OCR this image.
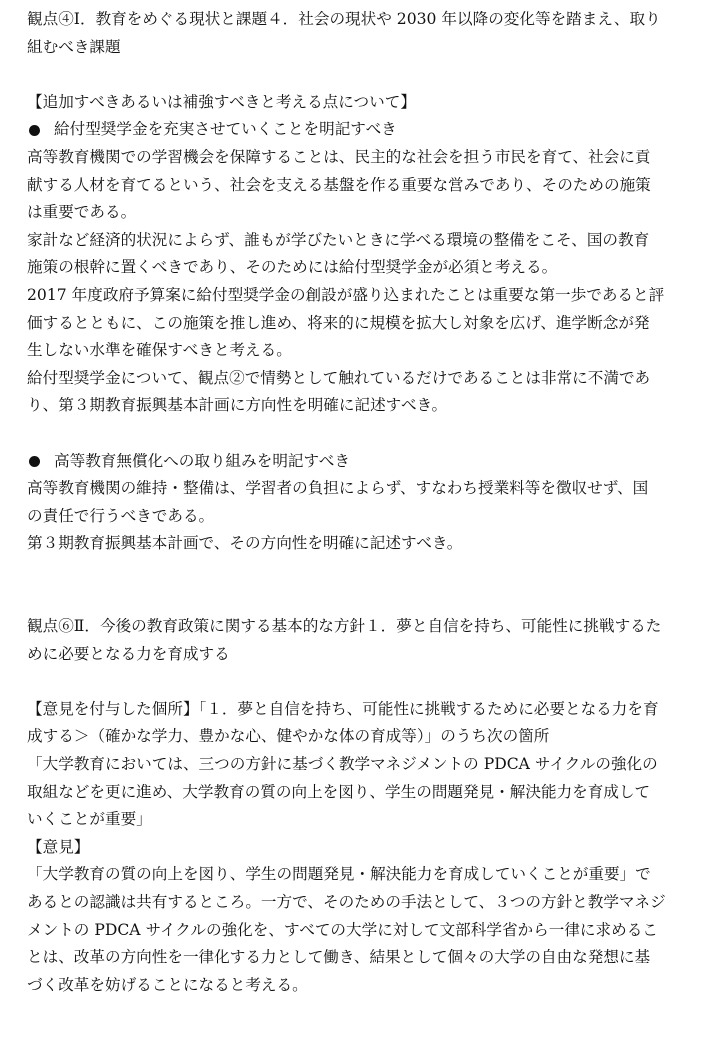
観点④Ⅰ．教育をめぐる現状と課題４．社会の現状や 2030 年以降の変化等を踏まえ、取り
組むべき課題
【追加すべきあるいは補強すべきと考える点について】
給付型奨学金を充実させていくことを明記すべき
高等教育機関での学習機会を保障することは、民主的な社会を担う市民を育て、社会に貢
献する人材を育てるという、社会を支える基盤を作る重要な営みであり、そのための施策
は重要である。
家計など経済的状況によらず、誰もが学びたいときに学べる環境の整備をこそ、国の教育
施策の根幹に置くべきであり、そのためには給付型奨学金が必須と考える。
2017 年度政府予算案に給付型奨学金の創設が盛り込まれたことは重要な第一歩であると評
価するとともに、この施策を推し進め、将来的に規模を拡大し対象を広げ、進学断念が発
生しない水準を確保すべきと考える。
給付型奨学金について、観点②で情勢として触れているだけであることは非常に不満であ
り、第３期教育振興基本計画に方向性を明確に記述すべき。
高等教育無償化への取り組みを明記すべき
高等教育機関の維持・整備は、学習者の負担によらず、すなわち授業料等を徴収せず、国
の責任で行うべきである。
第３期教育振興基本計画で、その方向性を明確に記述すべき。
観点⑥Ⅱ．今後の教育政策に関する基本的な方針１．夢と自信を持ち、可能性に挑戦するた
めに必要となる力を育成する
【意見を付与した個所】「１．夢と自信を持ち、可能性に挑戦するために必要となる力を育
成する＞（確かな学力、豊かな心、健やかな体の育成等）」のうち次の箇所
「大学教育においては、三つの方針に基づく教学マネジメントの PDCA サイクルの強化の
取組などを更に進め、大学教育の質の向上を図り、学生の問題発見・解決能力を育成して
いくことが重要」
【意見】
「大学教育の質の向上を図り、学生の問題発見・解決能力を育成していくことが重要」で
あるとの認識は共有するところ。一方で、そのための手法として、３つの方針と教学マネジ
メントの PDCA サイクルの強化を、すべての大学に対して文部科学省から一律に求めるこ
とは、改革の方向性を一律化する力として働き、結果として個々の大学の自由な発想に基
づく改革を妨げることになると考える。
